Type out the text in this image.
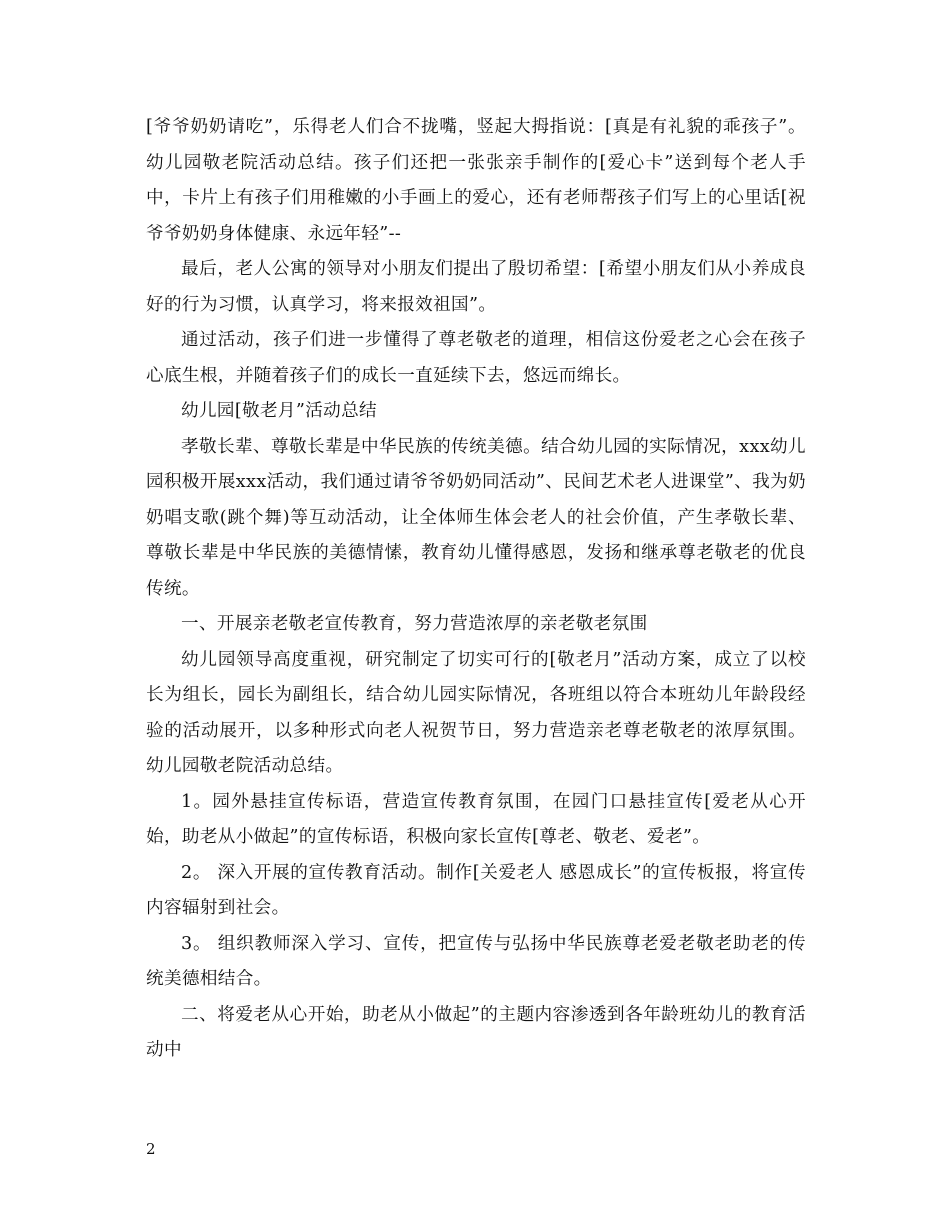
[爷爷奶奶请吃”，乐得老人们合不拢嘴，竖起大拇指说：[真是有礼貌的乖孩子”。幼儿园敬老院活动总结。孩子们还把一张张亲手制作的[爱心卡”送到每个老人手中，卡片上有孩子们用稚嫩的小手画上的爱心，还有老师帮孩子们写上的心里话[祝爷爷奶奶身体健康、永远年轻”--

最后，老人公寓的领导对小朋友们提出了殷切希望：[希望小朋友们从小养成良好的行为习惯，认真学习，将来报效祖国”。

通过活动，孩子们进一步懂得了尊老敬老的道理，相信这份爱老之心会在孩子心底生根，并随着孩子们的成长一直延续下去，悠远而绵长。

幼儿园[敬老月”活动总结

孝敬长辈、尊敬长辈是中华民族的传统美德。结合幼儿园的实际情况，xxx幼儿园积极开展xxx活动，我们通过请爷爷奶奶同活动”、民间艺术老人进课堂”、我为奶奶唱支歌(跳个舞)等互动活动，让全体师生体会老人的社会价值，产生孝敬长辈、尊敬长辈是中华民族的美德情愫，教育幼儿懂得感恩，发扬和继承尊老敬老的优良传统。

一、开展亲老敬老宣传教育，努力营造浓厚的亲老敬老氛围

幼儿园领导高度重视，研究制定了切实可行的[敬老月”活动方案，成立了以校长为组长，园长为副组长，结合幼儿园实际情况，各班组以符合本班幼儿年龄段经验的活动展开，以多种形式向老人祝贺节日，努力营造亲老尊老敬老的浓厚氛围。幼儿园敬老院活动总结。

1。园外悬挂宣传标语，营造宣传教育氛围，在园门口悬挂宣传[爱老从心开始，助老从小做起”的宣传标语，积极向家长宣传[尊老、敬老、爱老”。

2。 深入开展的宣传教育活动。制作[关爱老人 感恩成长”的宣传板报，将宣传内容辐射到社会。

3。 组织教师深入学习、宣传，把宣传与弘扬中华民族尊老爱老敬老助老的传统美德相结合。

二、将爱老从心开始，助老从小做起”的主题内容渗透到各年龄班幼儿的教育活动中

2
